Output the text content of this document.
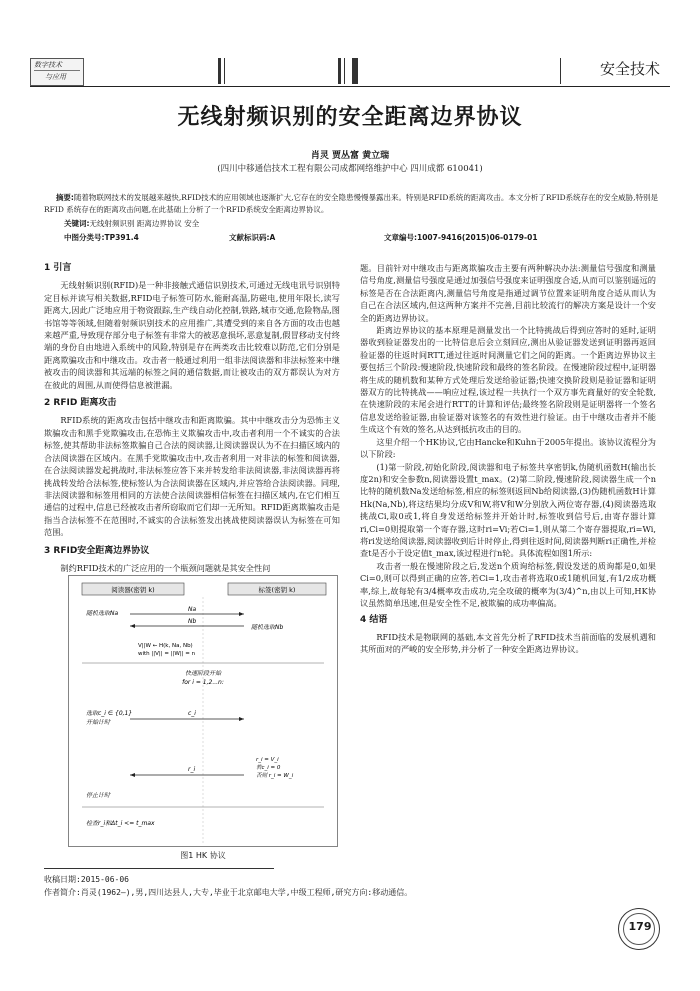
数字技术
与应用	安全技术
无线射频识别的安全距离边界协议
肖灵 贾丛富 黄立瑞
(四川中移通信技术工程有限公司成都网络维护中心 四川成都 610041)
摘要:随着物联网技术的发展越来越快,RFID技术的应用领域也逐渐扩大,它存在的安全隐患慢慢暴露出来。特别是RFID系统的距离攻击。本文分析了RFID系统存在的安全威胁,特别是RFID 系统存在的距离攻击问题,在此基础上分析了一个RFID系统安全距离边界协议。
关键词:无线射频识别 距离边界协议 安全
中图分类号:TP391.4	文献标识码:A	文章编号:1007-9416(2015)06-0179-01
1 引言

无线射频识别(RFID)是一种非接触式通信识别技术,可通过无线电讯号识别特定目标并读写相关数据,RFID电子标签可防水,能耐高温,防磁电,使用年限长,读写距离大,因此广泛地应用于物资跟踪,生产线自动化控制,铁路,城市交通,危险物品,图书馆等等领域,但随着射频识别技术的应用推广,其遭受到的来自各方面的攻击也越来越严重,导致现存部分电子标签有非常大的被恶意损坏,恶意复制,假冒移动支付终端的身份自由地进入系统中的风险,特别是存在两类攻击比较难以防范,它们分别是距离欺骗攻击和中继攻击。攻击者一般通过利用一组非法阅读器和非法标签来中继被攻击的阅读器和其远端的标签之间的通信数据,而让被攻击的双方都误认为对方在彼此的周围,从而使得信息被泄漏。

2 RFID 距离攻击

RFID系统的距离攻击包括中继攻击和距离欺骗。其中中继攻击分为恐怖主义欺骗攻击和黑手党欺骗攻击,在恐怖主义欺骗攻击中,攻击者利用一个不诚实的合法标签,使其帮助非法标签欺骗自己合法的阅读器,让阅读器误认为不在扫描区域内的合法阅读器在区域内。在黑手党欺骗攻击中,攻击者利用一对非法的标签和阅读器,在合法阅读器发起挑战时,非法标签应答下来并转发给非法阅读器,非法阅读器再将挑战转发给合法标签,使标签认为合法阅读器在区域内,并应答给合法阅读器。同理,非法阅读器和标签用相同的方法使合法阅读器相信标签在扫描区域内,在它们相互通信的过程中,信息已经被攻击者所窃取而它们却一无所知。RFID距离欺骗攻击是指当合法标签不在范围时,不诚实的合法标签发出挑战使阅读器误认为标签在可知范围。

3 RFID安全距离边界协议

制约RFID技术的广泛应用的一个瓶颈问题就是其安全性问

阅读器(密钥 k)	标签(密钥 k)
随机选取Na
Na
随机选取Nb
Nb
V||W ← H(k, Na, Nb)
with ||V|| = ||W|| = n
快速阶段开始
for i = 1,2...n:
选取c_i ∈ {0,1}
开始计时
c_i
r_i = V_i
若c_i = 0
否则 r_i = W_i
r_i
停止计时
检查r_i和Δt_i <= t_max
图1 HK 协议

题。目前针对中继攻击与距离欺骗攻击主要有两种解决办法:测量信号强度和测量信号角度,测量信号强度是通过加强信号强度来证明强度合适,从而可以鉴别遥远的标签是否在合法距离内,测量信号角度是指通过调节位置来证明角度合适从而认为自己在合法区域内,但这两种方案并不完善,目前比较流行的解决方案是设计一个安全的距离边界协议。

距离边界协议的基本原理是测量发出一个比特挑战后得到应答时的延时,证明器收到验证器发出的一比特信息后会立刻回应,测出从验证器发送到证明器再返回验证器的往返时间RTT,通过往返时间测量它们之间的距离。一个距离边界协议主要包括三个阶段:慢速阶段,快速阶段和最终的签名阶段。在慢速阶段过程中,证明器将生成的随机数和某种方式处理后发送给验证器;快速交换阶段则是验证器和证明器双方的比特挑战——响应过程,该过程一共执行一个双方事先商量好的安全轮数,在快速阶段的末尾会进行RTT的计算和评估;最终签名阶段则是证明器将一个签名信息发送给验证器,由验证器对该签名的有效性进行验证。由于中继攻击者并不能生成这个有效的签名,从达到抵抗攻击的目的。

这里介绍一个HK协议,它由Hancke和Kuhn于2005年提出。该协议流程分为以下阶段:

(1)第一阶段,初始化阶段,阅读器和电子标签共享密钥k,伪随机函数H(输出长度2n)和安全参数n,阅读器设置t_max。(2)第二阶段,慢速阶段,阅读器生成一个n比特的随机数Na发送给标签,相应的标签则返回Nb给阅读器,(3)伪随机函数H计算Hk(Na,Nb),将这结果均分成V和W,将V和W分别放入两位寄存器,(4)阅读器选取挑战Ci,取0或1,将自身发送给标签并开始计时,标签收到信号后,由寄存器计算ri,Ci=0则提取第一个寄存器,这时ri=Vi;若Ci=1,则从第二个寄存器提取,ri=Wi,将ri发送给阅读器,阅读器收到后计时停止,得到往返时间,阅读器判断ri正确性,并检查t是否小于设定值t_max,该过程进行n轮。具体流程如图1所示:

攻击者一般在慢速阶段之后,发送n个质询给标签,假设发送的质询都是0,如果Ci=0,则可以得到正确的应答,若Ci=1,攻击者将选取0或1随机回复,有1/2成功概率,综上,故每轮有3/4概率攻击成功,完全攻破的概率为(3/4)^n,由以上可知,HK协议虽然简单迅速,但是安全性不足,被欺骗的成功率偏高。

4 结语

RFID技术是物联网的基础,本文首先分析了RFID技术当前面临的发展机遇和其所面对的严峻的安全形势,并分析了一种安全距离边界协议。

收稿日期:2015-06-06
作者简介:肖灵(1962—),男,四川达县人,大专,毕业于北京邮电大学,中级工程师,研究方向:移动通信。
179
